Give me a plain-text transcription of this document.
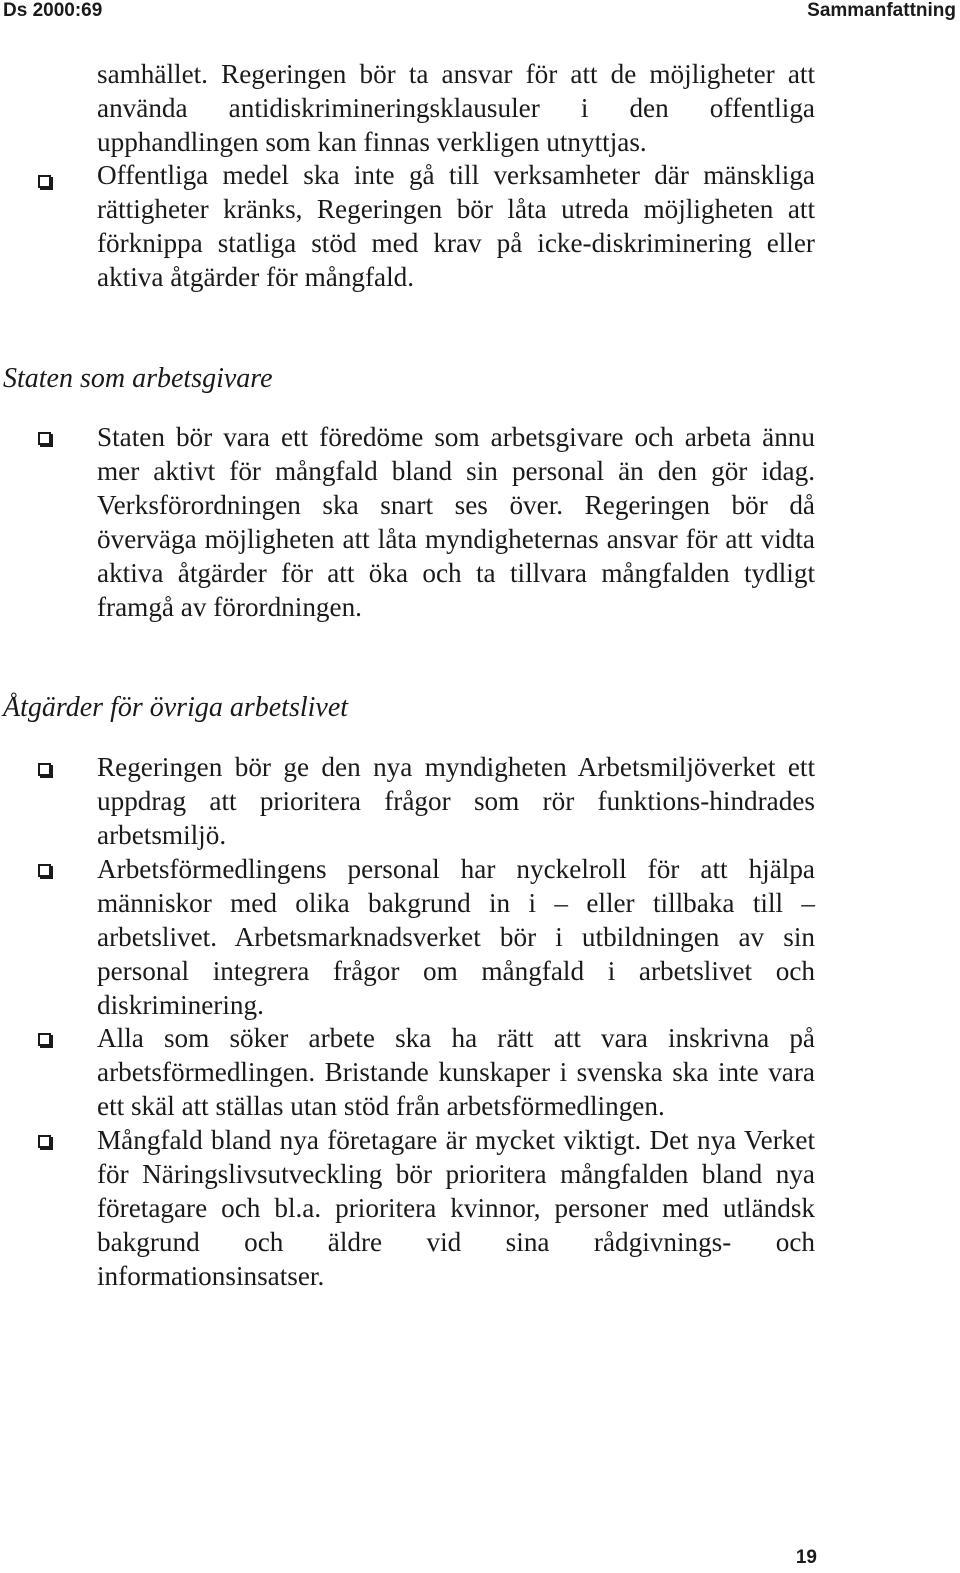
Ds 2000:69	Sammanfattning
samhället. Regeringen bör ta ansvar för att de möjligheter att använda antidiskrimineringsklausuler i den offentliga upphandlingen som kan finnas verkligen utnyttjas.
Offentliga medel ska inte gå till verksamheter där mänskliga rättigheter kränks, Regeringen bör låta utreda möjligheten att förknippa statliga stöd med krav på icke-diskriminering eller aktiva åtgärder för mångfald.
Staten som arbetsgivare
Staten bör vara ett föredöme som arbetsgivare och arbeta ännu mer aktivt för mångfald bland sin personal än den gör idag. Verksförordningen ska snart ses över. Regeringen bör då överväga möjligheten att låta myndigheternas ansvar för att vidta aktiva åtgärder för att öka och ta tillvara mångfalden tydligt framgå av förordningen.
Åtgärder för övriga arbetslivet
Regeringen bör ge den nya myndigheten Arbetsmiljöverket ett uppdrag att prioritera frågor som rör funktions-hindrades arbetsmiljö.
Arbetsförmedlingens personal har nyckelroll för att hjälpa människor med olika bakgrund in i – eller tillbaka till – arbetslivet. Arbetsmarknadsverket bör i utbildningen av sin personal integrera frågor om mångfald i arbetslivet och diskriminering.
Alla som söker arbete ska ha rätt att vara inskrivna på arbetsförmedlingen. Bristande kunskaper i svenska ska inte vara ett skäl att ställas utan stöd från arbetsförmedlingen.
Mångfald bland nya företagare är mycket viktigt. Det nya Verket för Näringslivsutveckling bör prioritera mångfalden bland nya företagare och bl.a. prioritera kvinnor, personer med utländsk bakgrund och äldre vid sina rådgivnings- och informationsinsatser.
19
